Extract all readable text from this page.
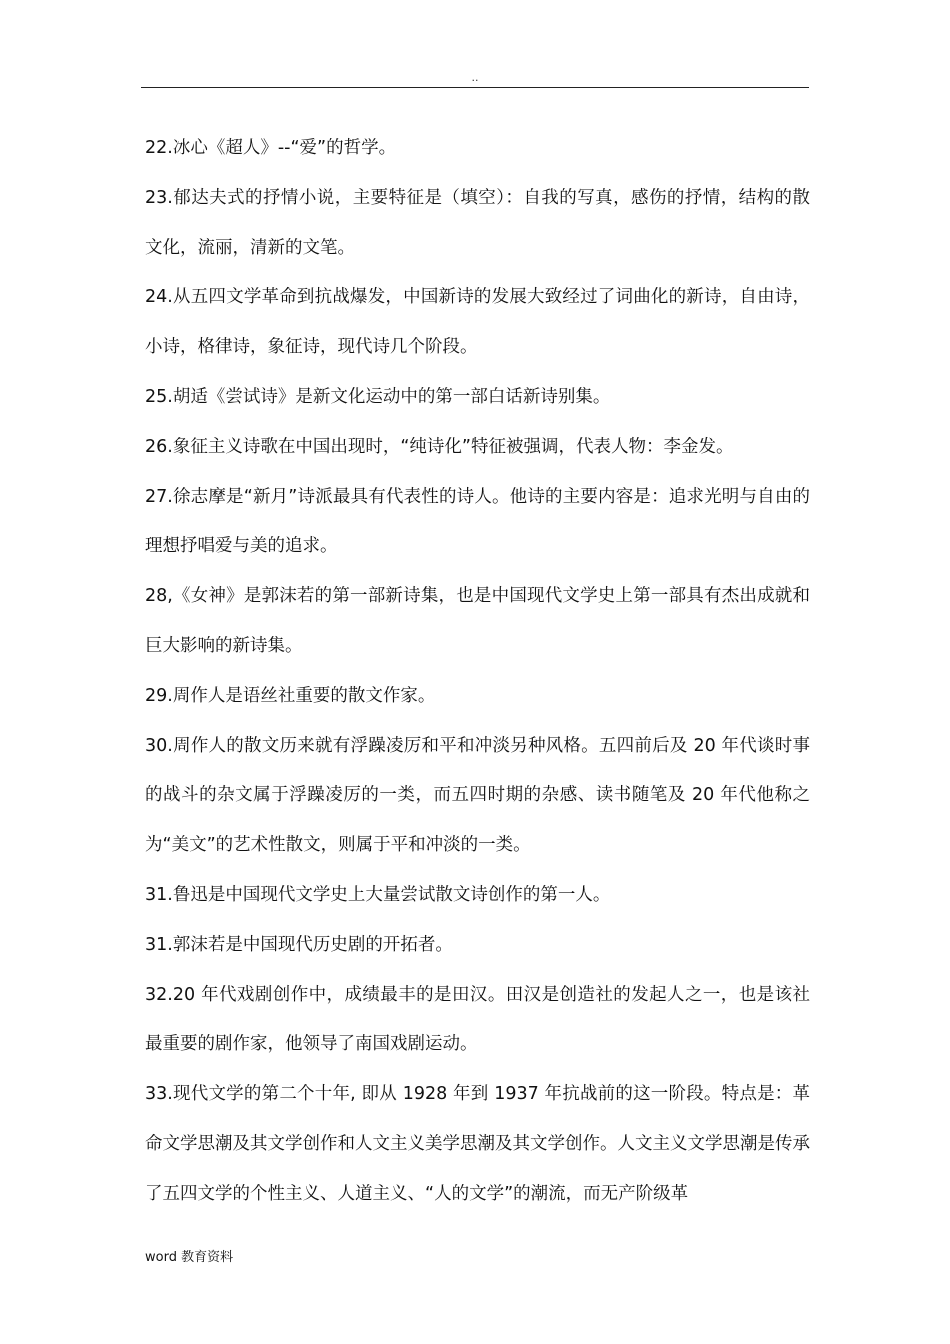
..

22.冰心《超人》--“爱”的哲学。

23.郁达夫式的抒情小说，主要特征是（填空）：自我的写真，感伤的抒情，结构的散文化，流丽，清新的文笔。

24.从五四文学革命到抗战爆发，中国新诗的发展大致经过了词曲化的新诗，自由诗，小诗，格律诗，象征诗，现代诗几个阶段。

25.胡适《尝试诗》是新文化运动中的第一部白话新诗别集。

26.象征主义诗歌在中国出现时，“纯诗化”特征被强调，代表人物：李金发。

27.徐志摩是“新月”诗派最具有代表性的诗人。他诗的主要内容是：追求光明与自由的理想抒唱爱与美的追求。

28,《女神》是郭沫若的第一部新诗集，也是中国现代文学史上第一部具有杰出成就和巨大影响的新诗集。

29.周作人是语丝社重要的散文作家。

30.周作人的散文历来就有浮躁凌厉和平和冲淡另种风格。五四前后及 20 年代谈时事的战斗的杂文属于浮躁凌厉的一类，而五四时期的杂感、读书随笔及 20 年代他称之为“美文”的艺术性散文，则属于平和冲淡的一类。

31.鲁迅是中国现代文学史上大量尝试散文诗创作的第一人。

31.郭沫若是中国现代历史剧的开拓者。

32.20 年代戏剧创作中，成绩最丰的是田汉。田汉是创造社的发起人之一，也是该社最重要的剧作家，他领导了南国戏剧运动。

33.现代文学的第二个十年, 即从 1928 年到 1937 年抗战前的这一阶段。特点是：革命文学思潮及其文学创作和人文主义美学思潮及其文学创作。人文主义文学思潮是传承了五四文学的个性主义、人道主义、“人的文学”的潮流，而无产阶级革

word 教育资料
